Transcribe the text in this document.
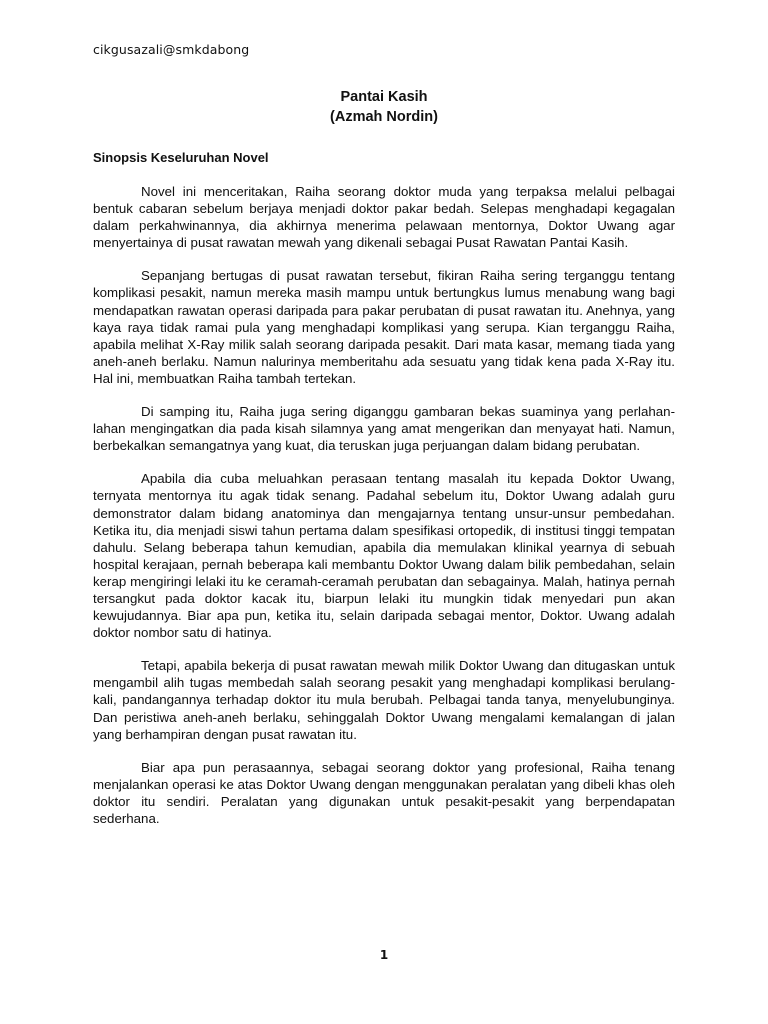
cikgusazali@smkdabong
Pantai Kasih
(Azmah Nordin)
Sinopsis Keseluruhan Novel

Novel ini menceritakan, Raiha seorang doktor muda yang terpaksa melalui pelbagai bentuk cabaran sebelum berjaya menjadi doktor pakar bedah. Selepas menghadapi kegagalan dalam perkahwinannya, dia akhirnya menerima pelawaan mentornya, Doktor Uwang agar menyertainya di pusat rawatan mewah yang dikenali sebagai Pusat Rawatan Pantai Kasih.

Sepanjang bertugas di pusat rawatan tersebut, fikiran Raiha sering terganggu tentang komplikasi pesakit, namun mereka masih mampu untuk bertungkus lumus menabung wang bagi mendapatkan rawatan operasi daripada para pakar perubatan di pusat rawatan itu. Anehnya, yang kaya raya tidak ramai pula yang menghadapi komplikasi yang serupa. Kian terganggu Raiha, apabila melihat X-Ray milik salah seorang daripada pesakit. Dari mata kasar, memang tiada yang aneh-aneh berlaku. Namun nalurinya memberitahu ada sesuatu yang tidak kena pada X-Ray itu. Hal ini, membuatkan Raiha tambah tertekan.

Di samping itu, Raiha juga sering diganggu gambaran bekas suaminya yang perlahan-lahan mengingatkan dia pada kisah silamnya yang amat mengerikan dan menyayat hati. Namun, berbekalkan semangatnya yang kuat, dia teruskan juga perjuangan dalam bidang perubatan.

Apabila dia cuba meluahkan perasaan tentang masalah itu kepada Doktor Uwang, ternyata mentornya itu agak tidak senang. Padahal sebelum itu, Doktor Uwang adalah guru demonstrator dalam bidang anatominya dan mengajarnya tentang unsur-unsur pembedahan. Ketika itu, dia menjadi siswi tahun pertama dalam spesifikasi ortopedik, di institusi tinggi tempatan dahulu. Selang beberapa tahun kemudian, apabila dia memulakan klinikal yearnya di sebuah hospital kerajaan, pernah beberapa kali membantu Doktor Uwang dalam bilik pembedahan, selain kerap mengiringi lelaki itu ke ceramah-ceramah perubatan dan sebagainya. Malah, hatinya pernah tersangkut pada doktor kacak itu, biarpun lelaki itu mungkin tidak menyedari pun akan kewujudannya. Biar apa pun, ketika itu, selain daripada sebagai mentor, Doktor. Uwang adalah doktor nombor satu di hatinya.

Tetapi, apabila bekerja di pusat rawatan mewah milik Doktor Uwang dan ditugaskan untuk mengambil alih tugas membedah salah seorang pesakit yang menghadapi komplikasi berulang-kali, pandangannya terhadap doktor itu mula berubah. Pelbagai tanda tanya, menyelubunginya. Dan peristiwa aneh-aneh berlaku, sehinggalah Doktor Uwang mengalami kemalangan di jalan yang berhampiran dengan pusat rawatan itu.

Biar apa pun perasaannya, sebagai seorang doktor yang profesional, Raiha tenang menjalankan operasi ke atas Doktor Uwang dengan menggunakan peralatan yang dibeli khas oleh doktor itu sendiri. Peralatan yang digunakan untuk pesakit-pesakit yang berpendapatan sederhana.

1
